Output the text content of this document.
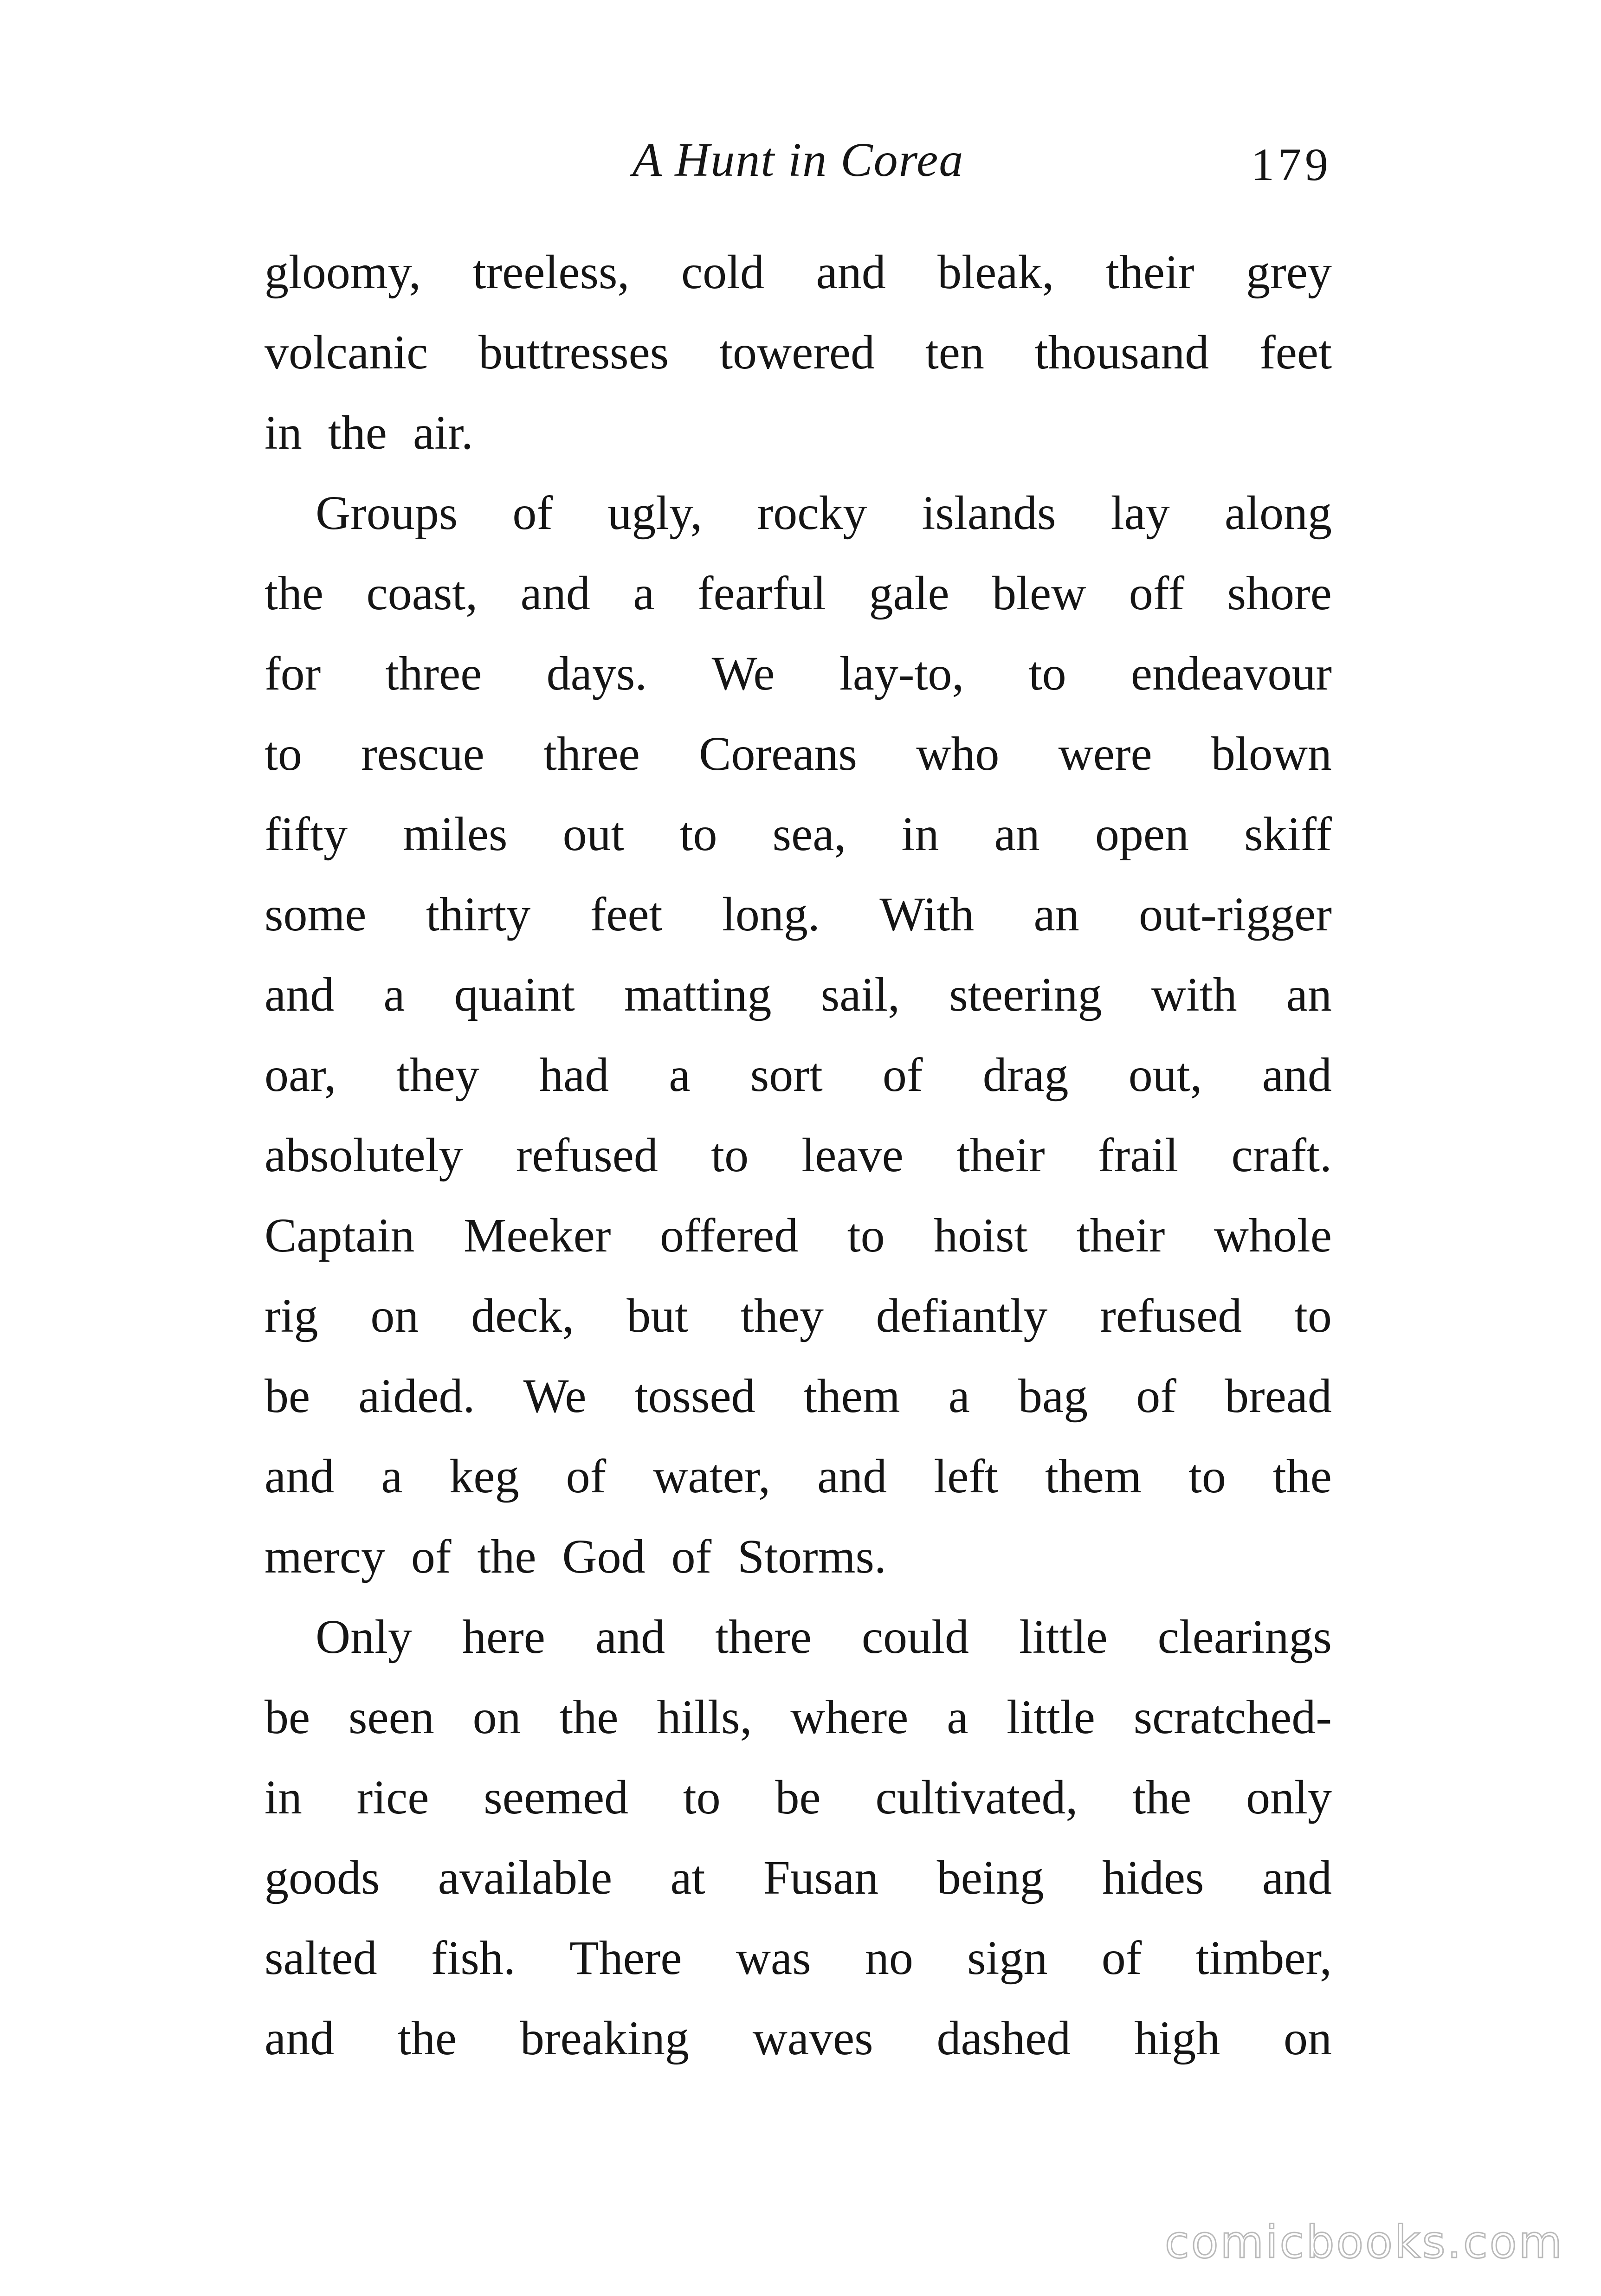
A Hunt in Corea	179
gloomy, treeless, cold and bleak, their grey
volcanic buttresses towered ten thousand feet
in the air.
Groups of ugly, rocky islands lay along
the coast, and a fearful gale blew off shore
for three days. We lay-to, to endeavour
to rescue three Coreans who were blown
fifty miles out to sea, in an open skiff
some thirty feet long. With an out-rigger
and a quaint matting sail, steering with an
oar, they had a sort of drag out, and
absolutely refused to leave their frail craft.
Captain Meeker offered to hoist their whole
rig on deck, but they defiantly refused to
be aided. We tossed them a bag of bread
and a keg of water, and left them to the
mercy of the God of Storms.
Only here and there could little clearings
be seen on the hills, where a little scratched-
in rice seemed to be cultivated, the only
goods available at Fusan being hides and
salted fish. There was no sign of timber,
and the breaking waves dashed high on
comicbooks.com
